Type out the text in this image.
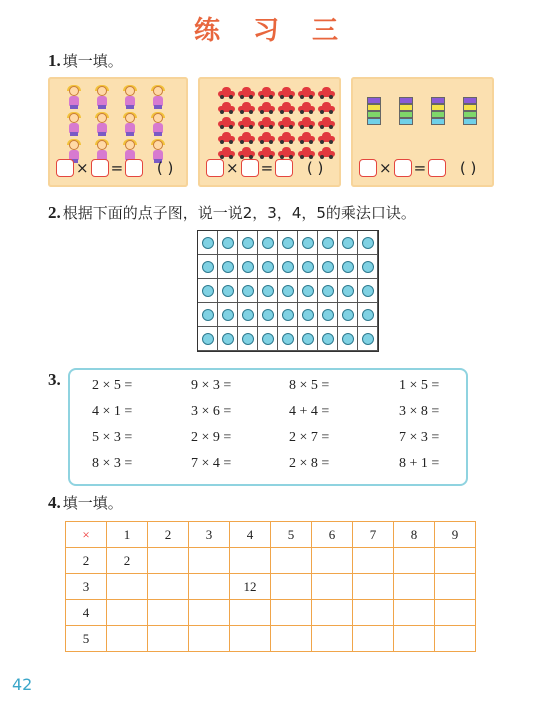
练 习 三
1. 填一填。
× =	( )	× =	( )	× =	( )
2. 根据下面的点子图，说一说2，3，4，5的乘法口诀。
3. 2 × 5 =	9 × 3 =	8 × 5 =	1 × 5 =
4 × 1 =	3 × 6 =	4 + 4 =	3 × 8 =
5 × 3 =	2 × 9 =	2 × 7 =	7 × 3 =
8 × 3 =	7 × 4 =	2 × 8 =	8 + 1 =
4. 填一填。
×	1	2	3	4	5	6	7	8	9
2	2								
3				12					
4									
5									
42
